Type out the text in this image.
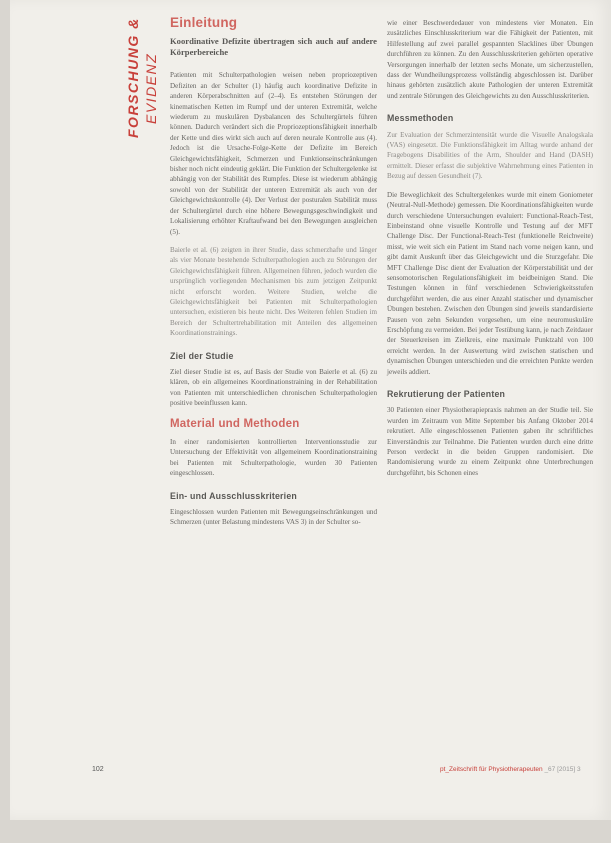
FORSCHUNG & EVIDENZ
Einleitung
Koordinative Defizite übertragen sich auch auf andere Körperbereiche

Patienten mit Schulterpathologien weisen neben propriozeptiven Defiziten an der Schulter (1) häufig auch koordinative Defizite in anderen Körperabschnitten auf (2–4). Es entstehen Störungen der kinematischen Ketten im Rumpf und der unteren Extremität, welche wiederum zu muskulären Dysbalancen des Schultergürtels führen können. Dadurch verändert sich die Propriozeptionsfähigkeit innerhalb der Kette und dies wirkt sich auch auf deren neurale Kontrolle aus (4). Jedoch ist die Ursache-Folge-Kette der Defizite im Bereich Gleichgewichtsfähigkeit, Schmerzen und Funktionseinschränkungen bisher noch nicht eindeutig geklärt. Die Funktion der Schultergelenke ist abhängig von der Stabilität des Rumpfes. Diese ist wiederum abhängig sowohl von der Stabilität der unteren Extremität als auch von der Gleichgewichtskontrolle (4). Der Verlust der posturalen Stabilität muss der Schultergürtel durch eine höhere Bewegungsgeschwindigkeit und Lokalisierung erhöhter Kraftaufwand bei den Bewegungen ausgleichen (5).

Baierle et al. (6) zeigten in ihrer Studie, dass schmerzhafte und länger als vier Monate bestehende Schulterpathologien auch zu Störungen der Gleichgewichtsfähigkeit führen. Allgemeinen führen, jedoch wurden die ursprünglich vorliegenden Mechanismen bis zum jetzigen Zeitpunkt nicht erforscht worden. Weitere Studien, welche die Gleichgewichtsfähigkeit bei Patienten mit Schulterpathologien untersuchen, existieren bis heute nicht. Des Weiteren fehlen Studien im Bereich der Schultertrehabilitation mit Anteilen des allgemeinen Koordinationstrainings.

Ziel der Studie

Ziel dieser Studie ist es, auf Basis der Studie von Baierle et al. (6) zu klären, ob ein allgemeines Koordinationstraining in der Rehabilitation von Patienten mit unterschiedlichen chronischen Schulterpathologien positive beeinflussen kann.

Material und Methoden

In einer randomisierten kontrollierten Interventionsstudie zur Untersuchung der Effektivität von allgemeinem Koordinationstraining bei Patienten mit Schulterpathologie, wurden 30 Patienten eingeschlossen.

Ein- und Ausschlusskriterien

Eingeschlossen wurden Patienten mit Bewegungseinschränkungen und Schmerzen (unter Belastung mindestens VAS 3) in der Schulter so-

wie einer Beschwerdedauer von mindestens vier Monaten. Ein zusätzliches Einschlusskriterium war die Fähigkeit der Patienten, mit Hilfestellung auf zwei parallel gespannten Slacklines über Übungen durchführen zu können. Zu den Ausschlusskriterien gehörten operative Versorgungen innerhalb der letzten sechs Monate, um sicherzustellen, dass der Wundheilungsprozess vollständig abgeschlossen ist. Darüber hinaus gehörten zusätzlich akute Pathologien der unteren Extremität und zentrale Störungen des Gleichgewichts zu den Ausschlusskriterien.

Messmethoden

Zur Evaluation der Schmerzintensität wurde die Visuelle Analogskala (VAS) eingesetzt. Die Funktionsfähigkeit im Alltag wurde anhand der Fragebogens Disabilities of the Arm, Shoulder and Hand (DASH) ermittelt. Dieser erfasst die subjektive Wahrnehmung eines Patienten in Bezug auf dessen Gesundheit (7).

Die Beweglichkeit des Schultergelenkes wurde mit einem Goniometer (Neutral-Null-Methode) gemessen. Die Koordinationsfähigkeiten wurde durch verschiedene Untersuchungen evaluiert: Functional-Reach-Test, Einbeinstand ohne visuelle Kontrolle und Testung auf der MFT Challenge Disc. Der Functional-Reach-Test (funktionelle Reichweite) misst, wie weit sich ein Patient im Stand nach vorne neigen kann, und gibt damit Auskunft über das Gleichgewicht und die Sturzgefahr. Die MFT Challenge Disc dient der Evaluation der Körperstabilität und der sensomotorischen Regulationsfähigkeit im beidbeinigen Stand. Die Testungen können in fünf verschiedenen Schwierigkeitsstufen durchgeführt werden, die aus einer Anzahl statischer und dynamischer Übungen bestehen. Zwischen den Übungen sind jeweils standardisierte Pausen von zehn Sekunden vorgesehen, um eine neuromuskuläre Erschöpfung zu vermeiden. Bei jeder Testübung kann, je nach Zeitdauer der Steuerkreisen im Zielkreis, eine maximale Punktzahl von 100 erreicht werden. In der Auswertung wird zwischen statischen und dynamischen Übungen unterschieden und die erreichten Punkte werden jeweils addiert.

Rekrutierung der Patienten

30 Patienten einer Physiotherapiepraxis nahmen an der Studie teil. Sie wurden im Zeitraum von Mitte September bis Anfang Oktober 2014 rekrutiert. Alle eingeschlossenen Patienten gaben ihr schriftliches Einverständnis zur Teilnahme. Die Patienten wurden durch eine dritte Person verdeckt in die beiden Gruppen randomisiert. Die Randomisierung wurde zu einem Zeitpunkt ohne Unterbrechungen durchgeführt, bis Schonen eines

102	pt_Zeitschrift für Physiotherapeuten _67 [2015] 3
